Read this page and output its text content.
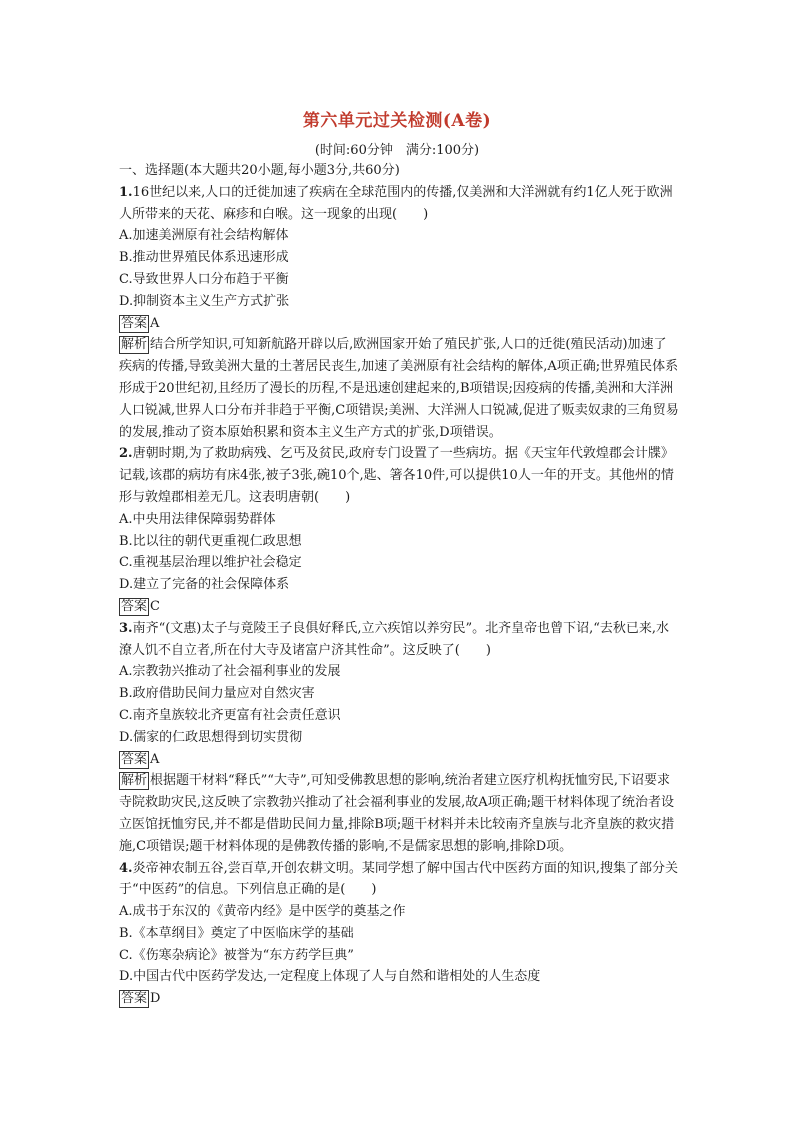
第六单元过关检测(A卷)
(时间:60分钟　满分:100分)

一、选择题(本大题共20小题,每小题3分,共60分)

1.16世纪以来,人口的迁徙加速了疾病在全球范围内的传播,仅美洲和大洋洲就有约1亿人死于欧洲人所带来的天花、麻疹和白喉。这一现象的出现(　　)

A.加速美洲原有社会结构解体

B.推动世界殖民体系迅速形成

C.导致世界人口分布趋于平衡

D.抑制资本主义生产方式扩张

答案 A

解析 结合所学知识,可知新航路开辟以后,欧洲国家开始了殖民扩张,人口的迁徙(殖民活动)加速了疾病的传播,导致美洲大量的土著居民丧生,加速了美洲原有社会结构的解体,A项正确;世界殖民体系形成于20世纪初,且经历了漫长的历程,不是迅速创建起来的,B项错误;因疫病的传播,美洲和大洋洲人口锐减,世界人口分布并非趋于平衡,C项错误;美洲、大洋洲人口锐减,促进了贩卖奴隶的三角贸易的发展,推动了资本原始积累和资本主义生产方式的扩张,D项错误。

2.唐朝时期,为了救助病残、乞丐及贫民,政府专门设置了一些病坊。据《天宝年代敦煌郡会计牒》记载,该郡的病坊有床4张,被子3张,碗10个,匙、箸各10件,可以提供10人一年的开支。其他州的情形与敦煌郡相差无几。这表明唐朝(　　)

A.中央用法律保障弱势群体

B.比以往的朝代更重视仁政思想

C.重视基层治理以维护社会稳定

D.建立了完备的社会保障体系

答案 C

3.南齐“(文惠)太子与竟陵王子良俱好释氏,立六疾馆以养穷民”。北齐皇帝也曾下诏,“去秋已来,水潦人饥不自立者,所在付大寺及诸富户济其性命”。这反映了(　　)

A.宗教勃兴推动了社会福利事业的发展

B.政府借助民间力量应对自然灾害

C.南齐皇族较北齐更富有社会责任意识

D.儒家的仁政思想得到切实贯彻

答案 A

解析 根据题干材料“释氏”“大寺”,可知受佛教思想的影响,统治者建立医疗机构抚恤穷民,下诏要求寺院救助灾民,这反映了宗教勃兴推动了社会福利事业的发展,故A项正确;题干材料体现了统治者设立医馆抚恤穷民,并不都是借助民间力量,排除B项;题干材料并未比较南齐皇族与北齐皇族的救灾措施,C项错误;题干材料体现的是佛教传播的影响,不是儒家思想的影响,排除D项。

4.炎帝神农制五谷,尝百草,开创农耕文明。某同学想了解中国古代中医药方面的知识,搜集了部分关于“中医药”的信息。下列信息正确的是(　　)

A.成书于东汉的《黄帝内经》是中医学的奠基之作

B.《本草纲目》奠定了中医临床学的基础

C.《伤寒杂病论》被誉为“东方药学巨典”

D.中国古代中医药学发达,一定程度上体现了人与自然和谐相处的人生态度

答案 D
